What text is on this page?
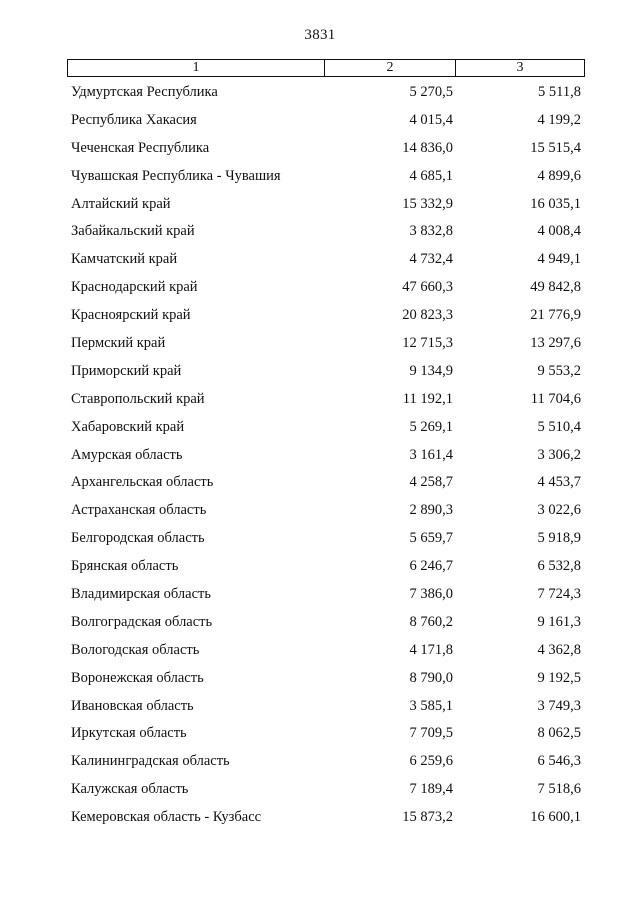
3831
1	2	3
Удмуртская Республика	5 270,5	5 511,8
Республика Хакасия	4 015,4	4 199,2
Чеченская Республика	14 836,0	15 515,4
Чувашская Республика - Чувашия	4 685,1	4 899,6
Алтайский край	15 332,9	16 035,1
Забайкальский край	3 832,8	4 008,4
Камчатский край	4 732,4	4 949,1
Краснодарский край	47 660,3	49 842,8
Красноярский край	20 823,3	21 776,9
Пермский край	12 715,3	13 297,6
Приморский край	9 134,9	9 553,2
Ставропольский край	11 192,1	11 704,6
Хабаровский край	5 269,1	5 510,4
Амурская область	3 161,4	3 306,2
Архангельская область	4 258,7	4 453,7
Астраханская область	2 890,3	3 022,6
Белгородская область	5 659,7	5 918,9
Брянская область	6 246,7	6 532,8
Владимирская область	7 386,0	7 724,3
Волгоградская область	8 760,2	9 161,3
Вологодская область	4 171,8	4 362,8
Воронежская область	8 790,0	9 192,5
Ивановская область	3 585,1	3 749,3
Иркутская область	7 709,5	8 062,5
Калининградская область	6 259,6	6 546,3
Калужская область	7 189,4	7 518,6
Кемеровская область - Кузбасс	15 873,2	16 600,1
